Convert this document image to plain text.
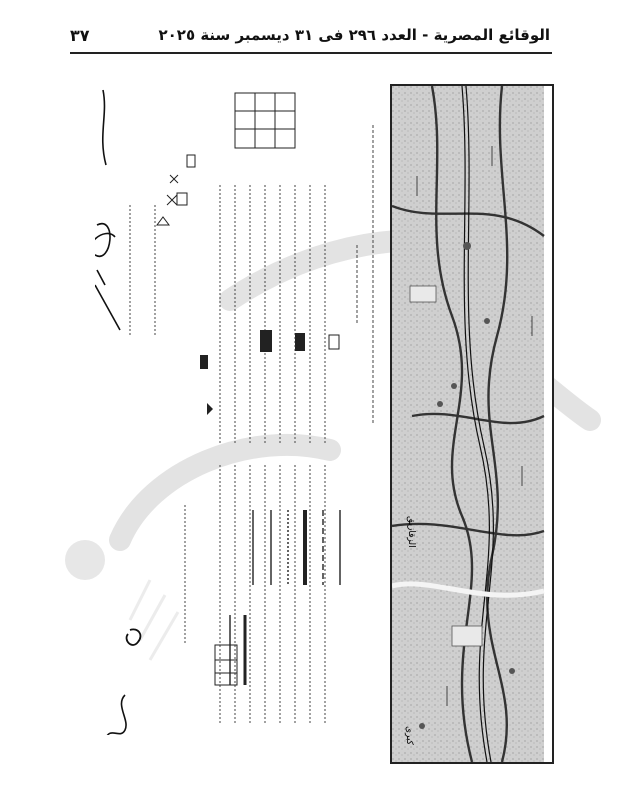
الوقائع المصرية - العدد ٢٩٦ فى ٣١ ديسمبر سنة ٢٠٢٥
٣٧
الزقازيق
كبرى
